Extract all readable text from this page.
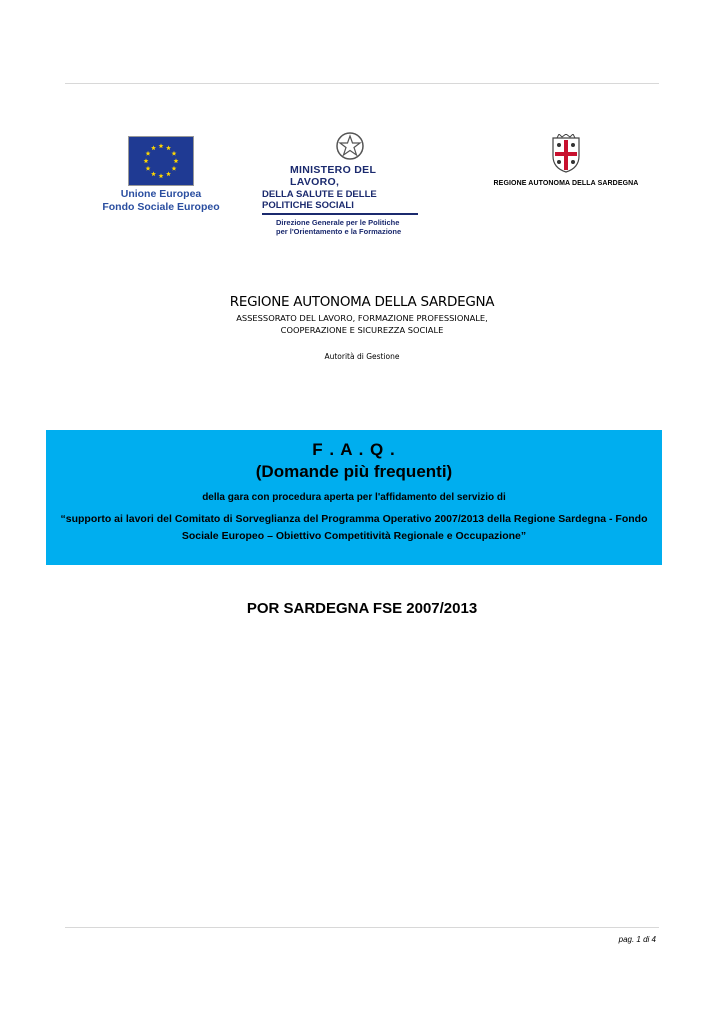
Unione Europea
Fondo Sociale Europeo
MINISTERO DEL LAVORO,
DELLA SALUTE E DELLE POLITICHE SOCIALI
Direzione Generale per le Politiche
per l'Orientamento e la Formazione
REGIONE AUTONOMA DELLA SARDEGNA
REGIONE AUTONOMA DELLA SARDEGNA
ASSESSORATO DEL LAVORO, FORMAZIONE PROFESSIONALE,
COOPERAZIONE E SICUREZZA SOCIALE
Autorità di Gestione
F . A . Q .
(Domande più frequenti)
della gara con procedura aperta per l'affidamento del servizio di
“supporto ai lavori del Comitato di Sorveglianza del Programma Operativo 2007/2013 della Regione Sardegna - Fondo Sociale Europeo – Obiettivo Competitività Regionale e Occupazione”
POR SARDEGNA FSE 2007/2013
pag. 1 di 4
